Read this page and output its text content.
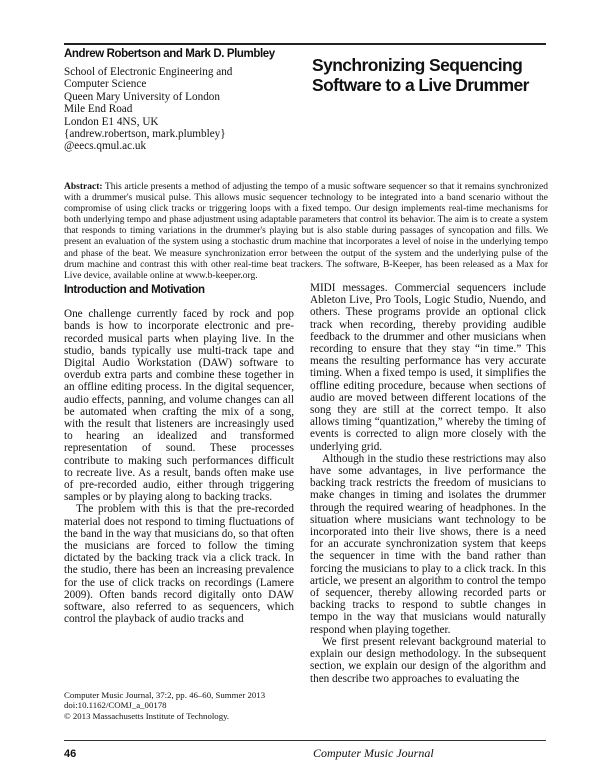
Andrew Robertson and Mark D. Plumbley
School of Electronic Engineering and
Computer Science
Queen Mary University of London
Mile End Road
London E1 4NS, UK
{andrew.robertson, mark.plumbley}
@eecs.qmul.ac.uk
Synchronizing Sequencing
Software to a Live Drummer

Abstract: This article presents a method of adjusting the tempo of a music software sequencer so that it remains synchronized with a drummer's musical pulse. This allows music sequencer technology to be integrated into a band scenario without the compromise of using click tracks or triggering loops with a fixed tempo. Our design implements real-time mechanisms for both underlying tempo and phase adjustment using adaptable parameters that control its behavior. The aim is to create a system that responds to timing variations in the drummer's playing but is also stable during passages of syncopation and fills. We present an evaluation of the system using a stochastic drum machine that incorporates a level of noise in the underlying tempo and phase of the beat. We measure synchronization error between the output of the system and the underlying pulse of the drum machine and contrast this with other real-time beat trackers. The software, B-Keeper, has been released as a Max for Live device, available online at www.b-keeper.org.

Introduction and Motivation

One challenge currently faced by rock and pop bands is how to incorporate electronic and pre-recorded musical parts when playing live. In the studio, bands typically use multi-track tape and Digital Audio Workstation (DAW) software to overdub extra parts and combine these together in an offline editing process. In the digital sequencer, audio effects, panning, and volume changes can all be automated when crafting the mix of a song, with the result that listeners are increasingly used to hearing an idealized and transformed representation of sound. These processes contribute to making such performances difficult to recreate live. As a result, bands often make use of pre-recorded audio, either through triggering samples or by playing along to backing tracks.

The problem with this is that the pre-recorded material does not respond to timing fluctuations of the band in the way that musicians do, so that often the musicians are forced to follow the timing dictated by the backing track via a click track. In the studio, there has been an increasing prevalence for the use of click tracks on recordings (Lamere 2009). Often bands record digitally onto DAW software, also referred to as sequencers, which control the playback of audio tracks and

MIDI messages. Commercial sequencers include Ableton Live, Pro Tools, Logic Studio, Nuendo, and others. These programs provide an optional click track when recording, thereby providing audible feedback to the drummer and other musicians when recording to ensure that they stay “in time.” This means the resulting performance has very accurate timing. When a fixed tempo is used, it simplifies the offline editing procedure, because when sections of audio are moved between different locations of the song they are still at the correct tempo. It also allows timing “quantization,” whereby the timing of events is corrected to align more closely with the underlying grid.

Although in the studio these restrictions may also have some advantages, in live performance the backing track restricts the freedom of musicians to make changes in timing and isolates the drummer through the required wearing of headphones. In the situation where musicians want technology to be incorporated into their live shows, there is a need for an accurate synchronization system that keeps the sequencer in time with the band rather than forcing the musicians to play to a click track. In this article, we present an algorithm to control the tempo of sequencer, thereby allowing recorded parts or backing tracks to respond to subtle changes in tempo in the way that musicians would naturally respond when playing together.

We first present relevant background material to explain our design methodology. In the subsequent section, we explain our design of the algorithm and then describe two approaches to evaluating the

Computer Music Journal, 37:2, pp. 46–60, Summer 2013
doi:10.1162/COMJ_a_00178
© 2013 Massachusetts Institute of Technology.
46	Computer Music Journal
